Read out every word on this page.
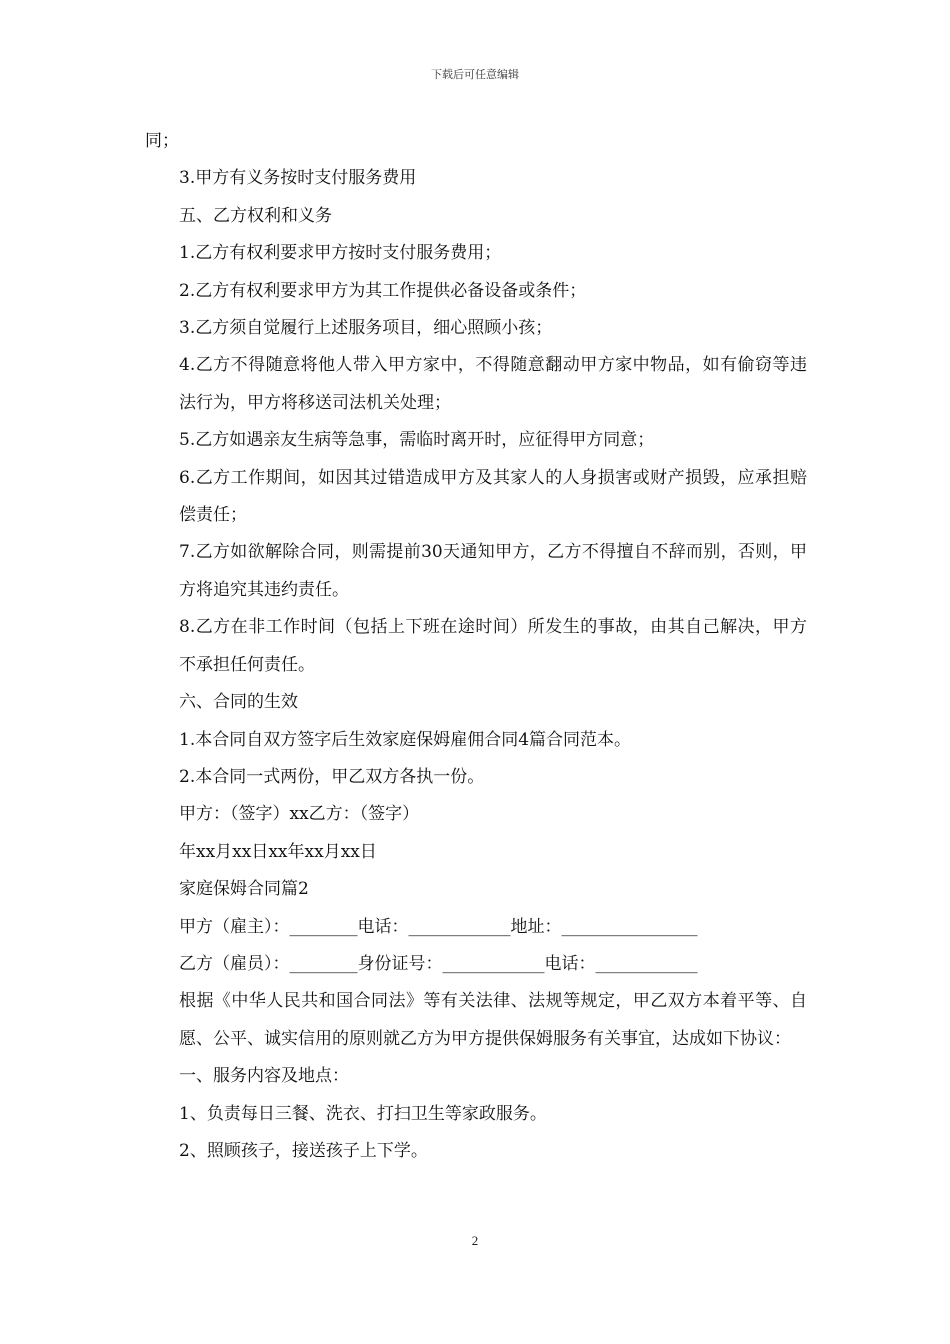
下载后可任意编辑

同；

3.甲方有义务按时支付服务费用

五、乙方权利和义务

1.乙方有权利要求甲方按时支付服务费用；

2.乙方有权利要求甲方为其工作提供必备设备或条件；

3.乙方须自觉履行上述服务项目，细心照顾小孩；

4.乙方不得随意将他人带入甲方家中，不得随意翻动甲方家中物品，如有偷窃等违法行为，甲方将移送司法机关处理；

5.乙方如遇亲友生病等急事，需临时离开时，应征得甲方同意；

6.乙方工作期间，如因其过错造成甲方及其家人的人身损害或财产损毁，应承担赔偿责任；

7.乙方如欲解除合同，则需提前30天通知甲方，乙方不得擅自不辞而别，否则，甲方将追究其违约责任。

8.乙方在非工作时间（包括上下班在途时间）所发生的事故，由其自己解决，甲方不承担任何责任。

六、合同的生效

1.本合同自双方签字后生效家庭保姆雇佣合同4篇合同范本。

2.本合同一式两份，甲乙双方各执一份。

甲方：（签字）xx乙方：（签字）

年xx月xx日xx年xx月xx日

家庭保姆合同篇2

甲方（雇主）：________电话：____________地址：________________

乙方（雇员）：________身份证号：____________电话：____________

根据《中华人民共和国合同法》等有关法律、法规等规定，甲乙双方本着平等、自愿、公平、诚实信用的原则就乙方为甲方提供保姆服务有关事宜，达成如下协议：

一、服务内容及地点：

1、负责每日三餐、洗衣、打扫卫生等家政服务。

2、照顾孩子，接送孩子上下学。

2
